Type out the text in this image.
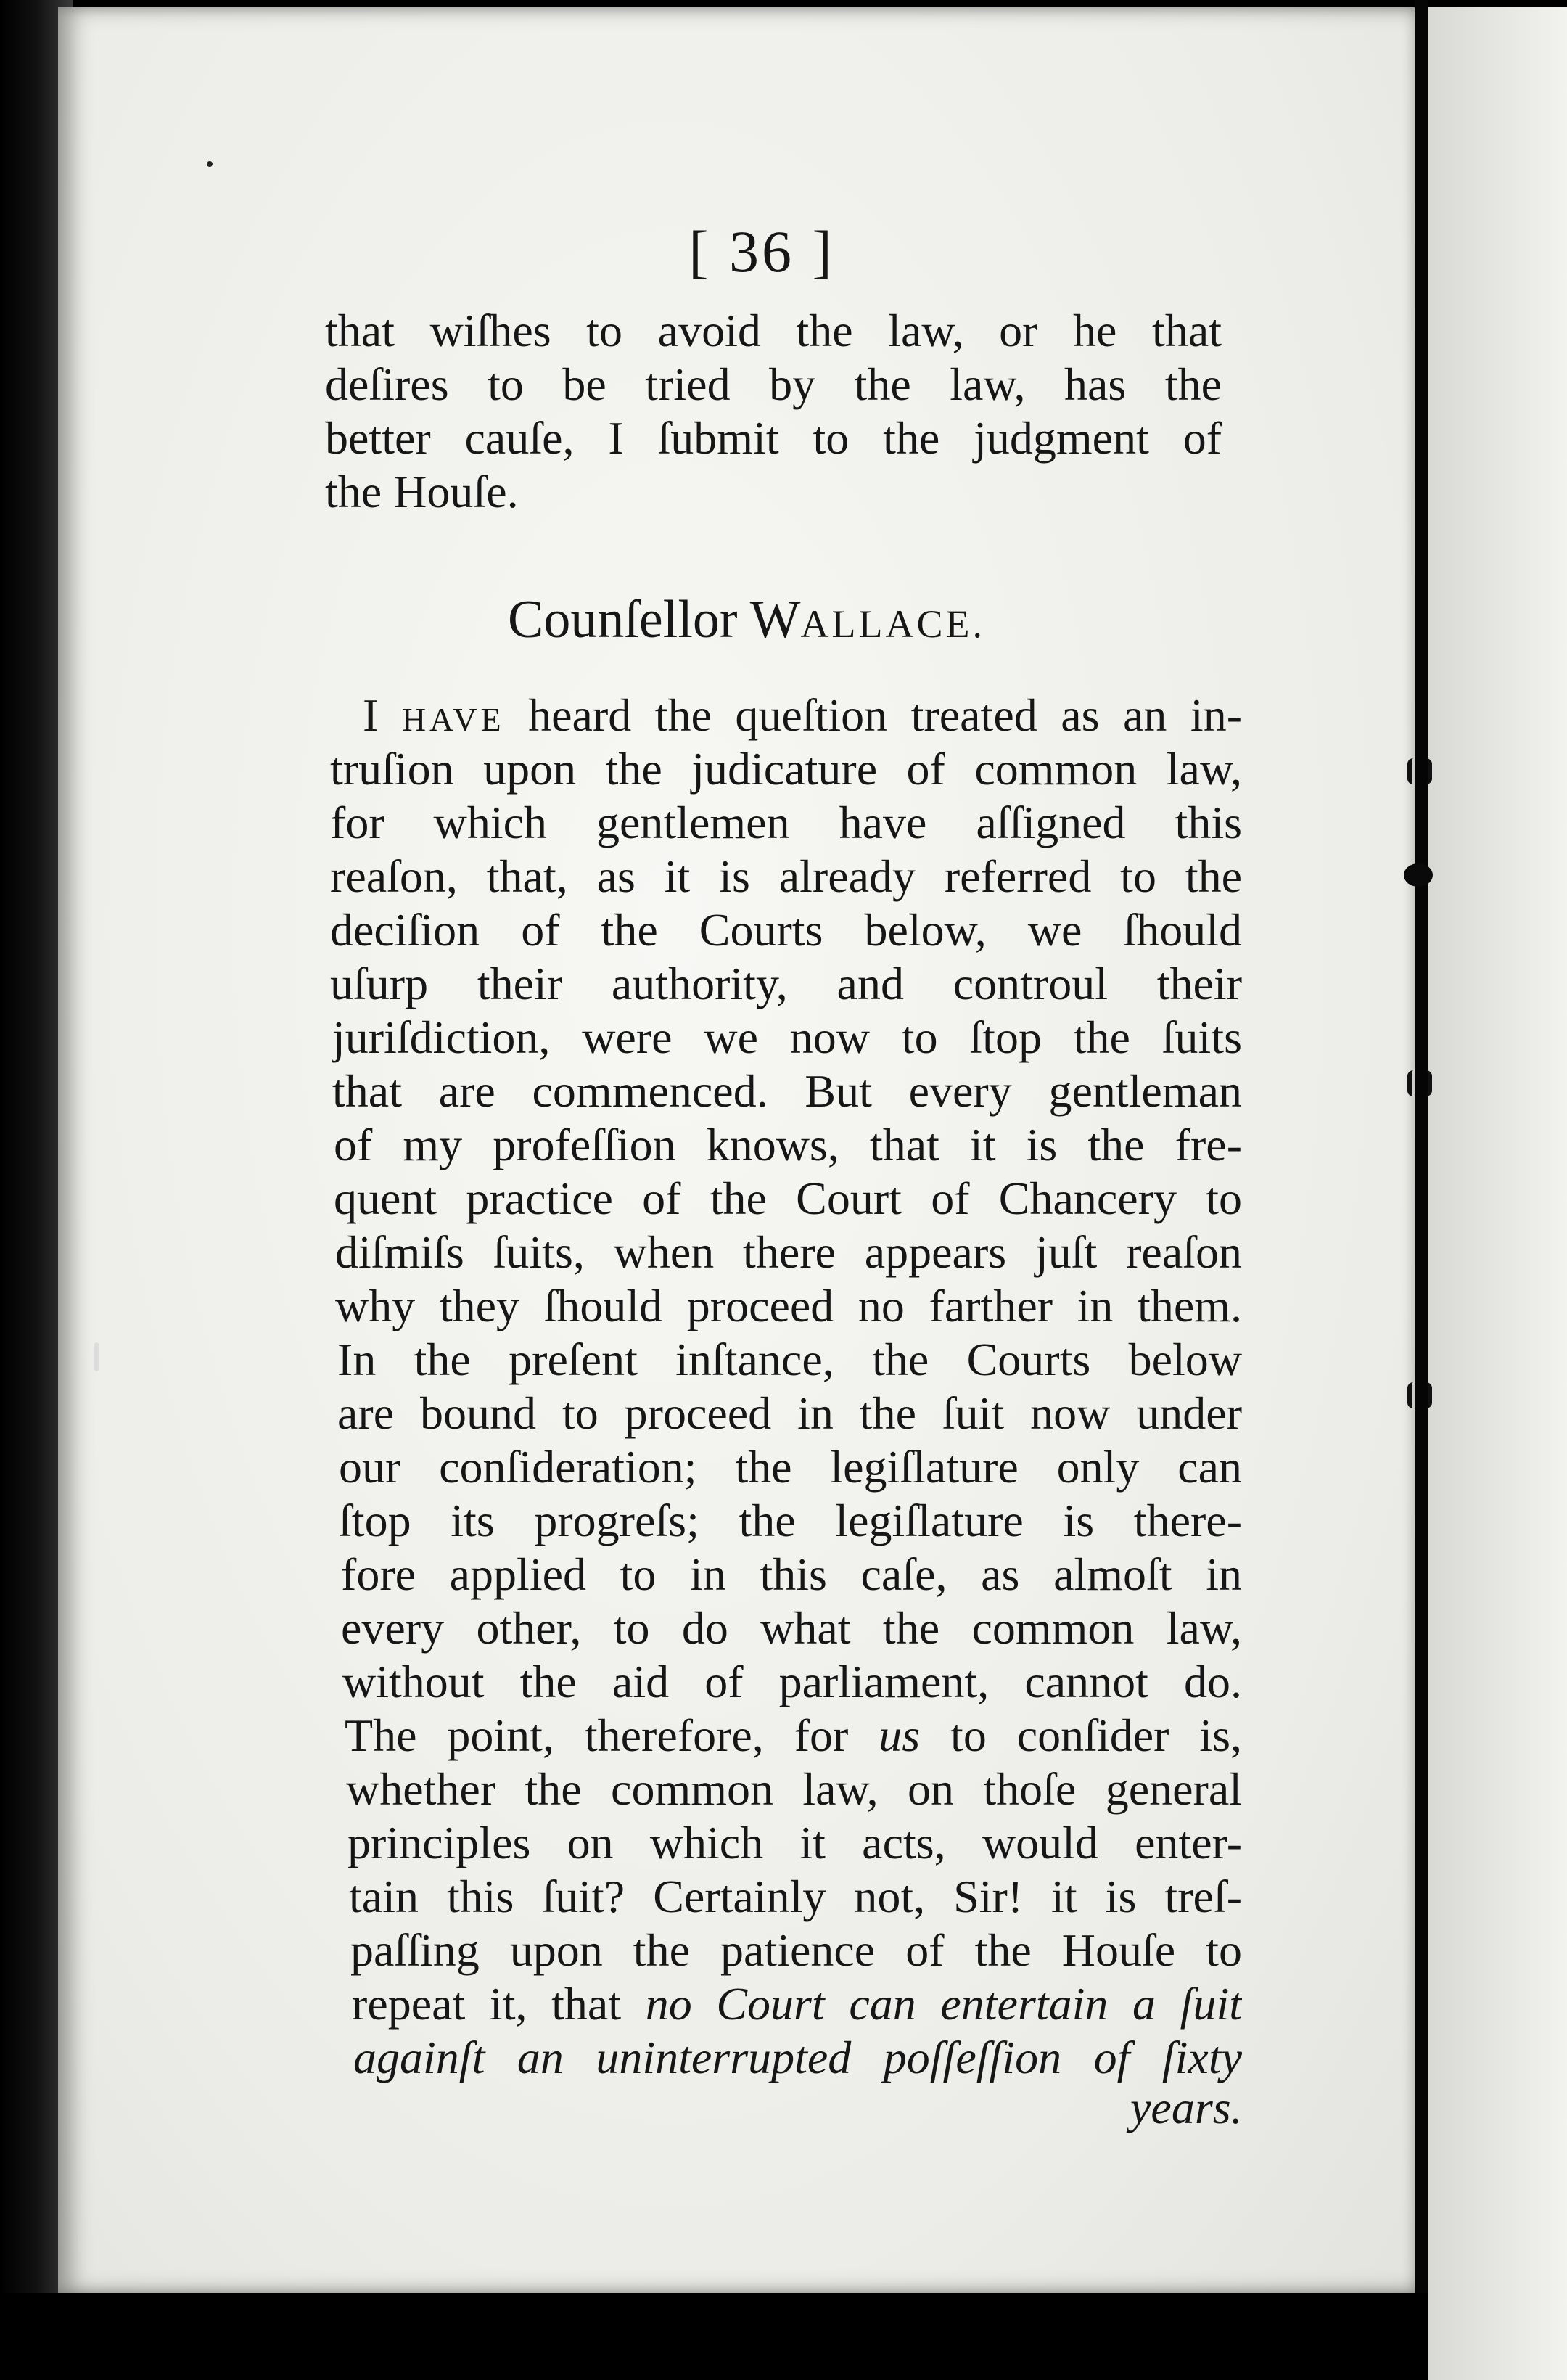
[ 36 ]
that wiſhes to avoid the law, or he that
deſires to be tried by the law, has the
better cauſe, I ſubmit to the judgment of
the Houſe.
Counſellor WALLACE.
I HAVE heard the queſtion treated as an in-
truſion upon the judicature of common law,
for which gentlemen have aſſigned this
reaſon, that, as it is already referred to the
deciſion of the Courts below, we ſhould
uſurp their authority, and controul their
juriſdiction, were we now to ſtop the ſuits
that are commenced. But every gentleman
of my profeſſion knows, that it is the fre-
quent practice of the Court of Chancery to
diſmiſs ſuits, when there appears juſt reaſon
why they ſhould proceed no farther in them.
In the preſent inſtance, the Courts below
are bound to proceed in the ſuit now under
our conſideration; the legiſlature only can
ſtop its progreſs; the legiſlature is there-
fore applied to in this caſe, as almoſt in
every other, to do what the common law,
without the aid of parliament, cannot do.
The point, therefore, for us to conſider is,
whether the common law, on thoſe general
principles on which it acts, would enter-
tain this ſuit? Certainly not, Sir! it is treſ-
paſſing upon the patience of the Houſe to
repeat it, that no Court can entertain a ſuit
againſt an uninterrupted poſſeſſion of ſixty
years.
